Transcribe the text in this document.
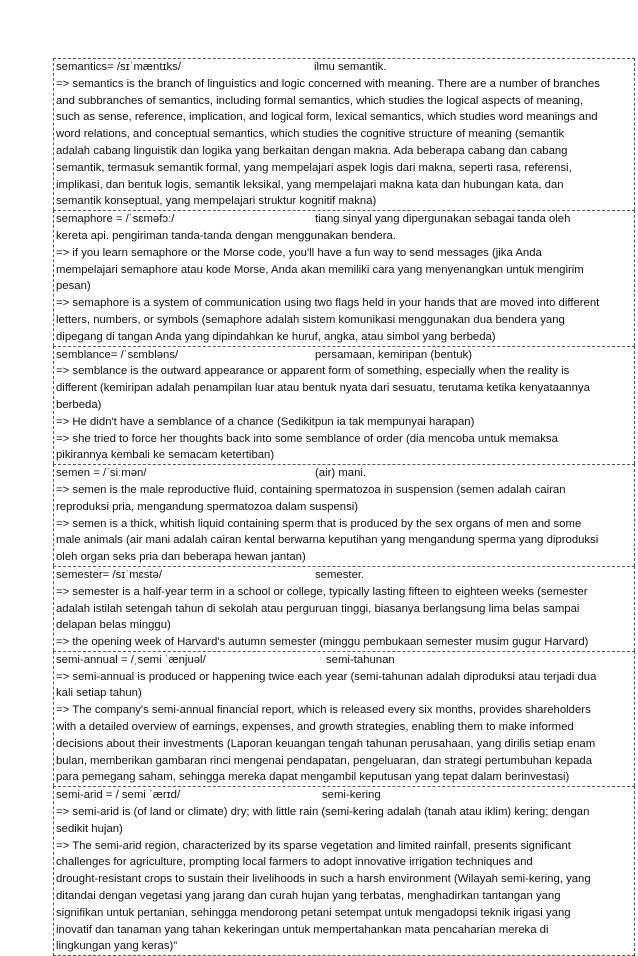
semantics= /sɪˈmæntɪks/	ilmu semantik.
=> semantics is the branch of linguistics and logic concerned with meaning. There are a number of branches
and subbranches of semantics, including formal semantics, which studies the logical aspects of meaning,
such as sense, reference, implication, and logical form, lexical semantics, which studies word meanings and
word relations, and conceptual semantics, which studies the cognitive structure of meaning (semantik
adalah cabang linguistik dan logika yang berkaitan dengan makna. Ada beberapa cabang dan cabang
semantik, termasuk semantik formal, yang mempelajari aspek logis dari makna, seperti rasa, referensi,
implikasi, dan bentuk logis, semantik leksikal, yang mempelajari makna kata dan hubungan kata, dan
semantik konseptual, yang mempelajari struktur kognitif makna)
semaphore = /ˈsɛməfɔː/	tiang sinyal yang dipergunakan sebagai tanda oleh
kereta api. pengiriman tanda-tanda dengan menggunakan bendera.
=> if you learn semaphore or the Morse code, you'll have a fun way to send messages (jika Anda
mempelajari semaphore atau kode Morse, Anda akan memiliki cara yang menyenangkan untuk mengirim
pesan)
=> semaphore is a system of communication using two flags held in your hands that are moved into different
letters, numbers, or symbols (semaphore adalah sistem komunikasi menggunakan dua bendera yang
dipegang di tangan Anda yang dipindahkan ke huruf, angka, atau simbol yang berbeda)
semblance= /ˈsɛmbləns/	persamaan, kemiripan (bentuk)
=> semblance is the outward appearance or apparent form of something, especially when the reality is
different (kemiripan adalah penampilan luar atau bentuk nyata dari sesuatu, terutama ketika kenyataannya
berbeda)
=> He didn't have a semblance of a chance (Sedikitpun ia tak mempunyai harapan)
=> she tried to force her thoughts back into some semblance of order (dia mencoba untuk memaksa
pikirannya kembali ke semacam ketertiban)
semen = /ˈsiːmən/	(air) mani.
=> semen is the male reproductive fluid, containing spermatozoa in suspension (semen adalah cairan
reproduksi pria, mengandung spermatozoa dalam suspensi)
=> semen is a thick, whitish liquid containing sperm that is produced by the sex organs of men and some
male animals (air mani adalah cairan kental berwarna keputihan yang mengandung sperma yang diproduksi
oleh organ seks pria dan beberapa hewan jantan)
semester= /sɪˈmɛstə/	semester.
=> semester is a half-year term in a school or college, typically lasting fifteen to eighteen weeks (semester
adalah istilah setengah tahun di sekolah atau perguruan tinggi, biasanya berlangsung lima belas sampai
delapan belas minggu)
=> the opening week of Harvard's autumn semester (minggu pembukaan semester musim gugur Harvard)
semi-annual = /ˌsemi ˈænjuəl/	semi-tahunan
=> semi-annual is produced or happening twice each year (semi-tahunan adalah diproduksi atau terjadi dua
kali setiap tahun)
=> The company's semi-annual financial report, which is released every six months, provides shareholders
with a detailed overview of earnings, expenses, and growth strategies, enabling them to make informed
decisions about their investments (Laporan keuangan tengah tahunan perusahaan, yang dirilis setiap enam
bulan, memberikan gambaran rinci mengenai pendapatan, pengeluaran, dan strategi pertumbuhan kepada
para pemegang saham, sehingga mereka dapat mengambil keputusan yang tepat dalam berinvestasi)
semi-arid = / semi ˈærɪd/	semi-kering
=> semi-arid is (of land or climate) dry; with little rain (semi-kering adalah (tanah atau iklim) kering; dengan
sedikit hujan)
=> The semi-arid region, characterized by its sparse vegetation and limited rainfall, presents significant
challenges for agriculture, prompting local farmers to adopt innovative irrigation techniques and
drought-resistant crops to sustain their livelihoods in such a harsh environment (Wilayah semi-kering, yang
ditandai dengan vegetasi yang jarang dan curah hujan yang terbatas, menghadirkan tantangan yang
signifikan untuk pertanian, sehingga mendorong petani setempat untuk mengadopsi teknik irigasi yang
inovatif dan tanaman yang tahan kekeringan untuk mempertahankan mata pencaharian mereka di
lingkungan yang keras)"
